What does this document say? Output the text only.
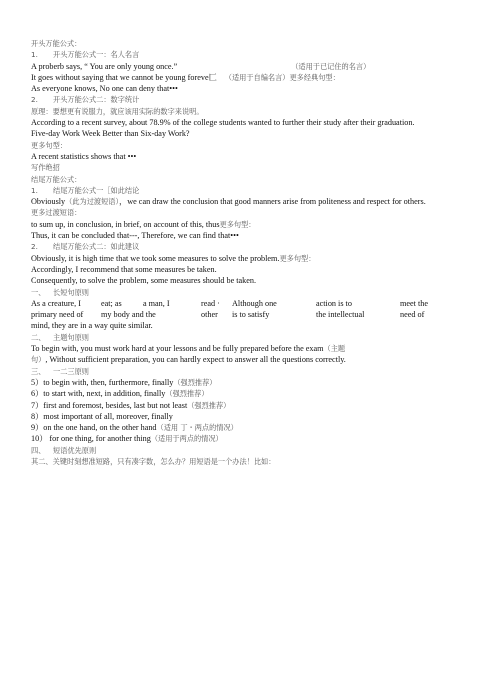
开头万能公式：
1. 开头万能公式一：名人名言
A proberb says, “ You are only young once.”	（适用于已记住的名言）
It goes without saying that we cannot be young foreve匚 （适用于自编名言）更多经典句型：
As everyone knows, No one can deny that•••
2. 开头万能公式二：数字统计
原理：要想更有说服力，就应该用实际的数字来说明。
According to a recent survey, about 78.9% of the college students wanted to further their study after their graduation.
Five-day Work Week Better than Six-day Work?
更多句型：
A recent statistics shows that •••
写作绝招
结尾万能公式：
1. 结尾万能公式一［如此结论
Obviously（此为过渡短语），we can draw the conclusion that good manners arise from politeness and respect for others.
更多过渡短语：
to sum up, in conclusion, in brief, on account of this, thus更多句型：
Thus, it can be concluded that---, Therefore, we can find that•••
2. 结尾万能公式二：如此建议
Obviously, it is high time that we took some measures to solve the problem.更多句型：
Accordingly, I recommend that some measures be taken.
Consequently, to solve the problem, some measures should be taken.
一、 长短句原则
As a creature, I	eat; as	a man, I	read ·	Although one	action is to	meet the
primary need of	my body and the	other	is to satisfy	the intellectual	need of
mind, they are in a way quite similar.
二、 主题句原则
To begin with, you must work hard at your lessons and be fully prepared before the exam（主题
句）, Without sufficient preparation, you can hardly expect to answer all the questions correctly.
三、 一二三原则
5）to begin with, then, furthermore, finally（强烈推荐）
6）to start with, next, in addition, finally（强烈推荐）
7）first and foremost, besides, last but not least（强烈推荐）
8）most important of all, moreover, finally
9）on the one hand, on the other hand（适用 丁・两点的情况）
10） for one thing, for another thing（适用于两点的情况）
四、 短语优先原则
其二、关键时刻想准短路，只有凑字数，怎么办？用短语是一个办法！比如：
